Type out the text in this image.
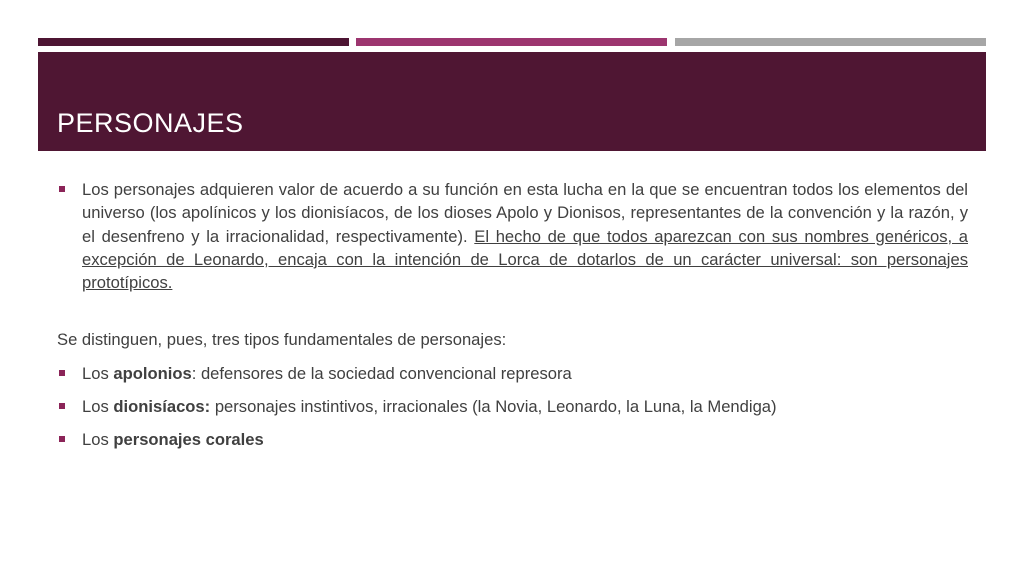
PERSONAJES
Los personajes adquieren valor de acuerdo a su función en esta lucha en la que se encuentran todos los elementos del universo (los apolínicos y los dionisíacos, de los dioses Apolo y Dionisos, representantes de la convención y la razón, y el desenfreno y la irracionalidad, respectivamente). El hecho de que todos aparezcan con sus nombres genéricos, a excepción de Leonardo, encaja con la intención de Lorca de dotarlos de un carácter universal: son personajes prototípicos.
Se distinguen, pues, tres tipos fundamentales de personajes:
Los apolonios: defensores de la sociedad convencional represora
Los dionisíacos: personajes instintivos, irracionales (la Novia, Leonardo, la Luna, la Mendiga)
Los personajes corales
